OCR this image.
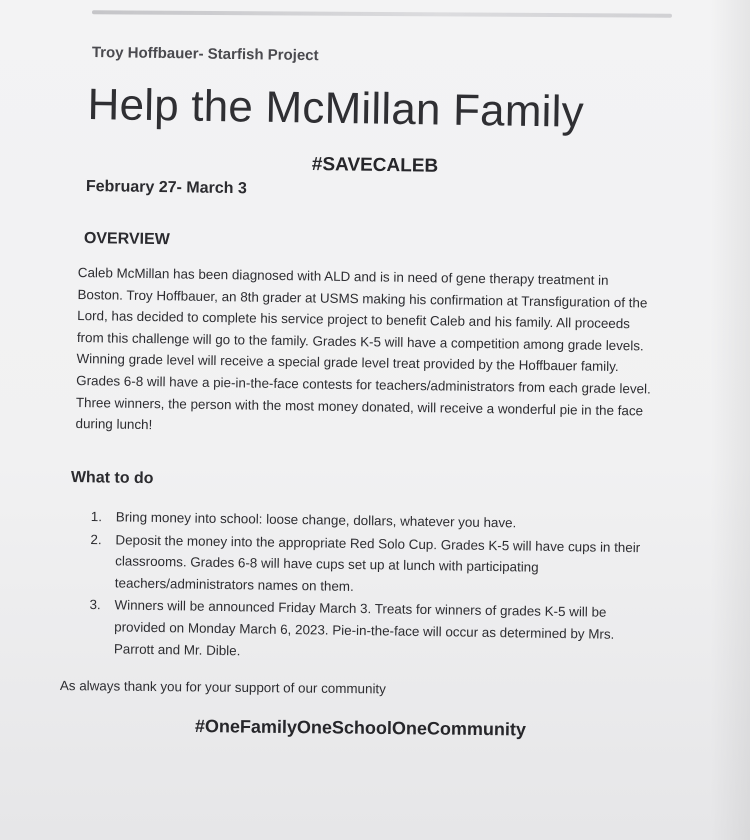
Troy Hoffbauer- Starfish Project
Help the McMillan Family
#SAVECALEB
February 27- March 3
OVERVIEW
Caleb McMillan has been diagnosed with ALD and is in need of gene therapy treatment in
Boston. Troy Hoffbauer, an 8th grader at USMS making his confirmation at Transfiguration of the
Lord, has decided to complete his service project to benefit Caleb and his family. All proceeds
from this challenge will go to the family. Grades K-5 will have a competition among grade levels.
Winning grade level will receive a special grade level treat provided by the Hoffbauer family.
Grades 6-8 will have a pie-in-the-face contests for teachers/administrators from each grade level.
Three winners, the person with the most money donated, will receive a wonderful pie in the face
during lunch!
What to do
1. Bring money into school: loose change, dollars, whatever you have.
2. Deposit the money into the appropriate Red Solo Cup. Grades K-5 will have cups in their
classrooms. Grades 6-8 will have cups set up at lunch with participating
teachers/administrators names on them.
3. Winners will be announced Friday March 3. Treats for winners of grades K-5 will be
provided on Monday March 6, 2023. Pie-in-the-face will occur as determined by Mrs.
Parrott and Mr. Dible.
As always thank you for your support of our community
#OneFamilyOneSchoolOneCommunity
